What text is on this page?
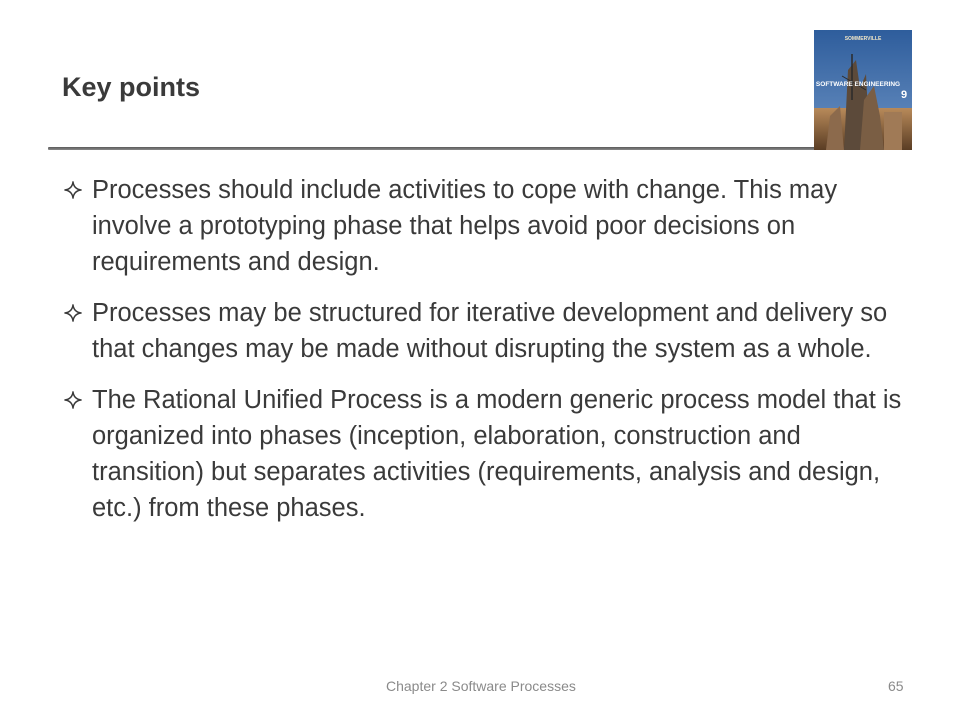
Key points
SOMMERVILLE
SOFTWARE ENGINEERING
9
Processes should include activities to cope with change. This may involve a prototyping phase that helps avoid poor decisions on requirements and design.
Processes may be structured for iterative development and delivery so that changes may be made without disrupting the system as a whole.
The Rational Unified Process is a modern generic process model that is organized into phases (inception, elaboration, construction and transition) but separates activities (requirements, analysis and design, etc.) from these phases.
Chapter 2 Software Processes	65
